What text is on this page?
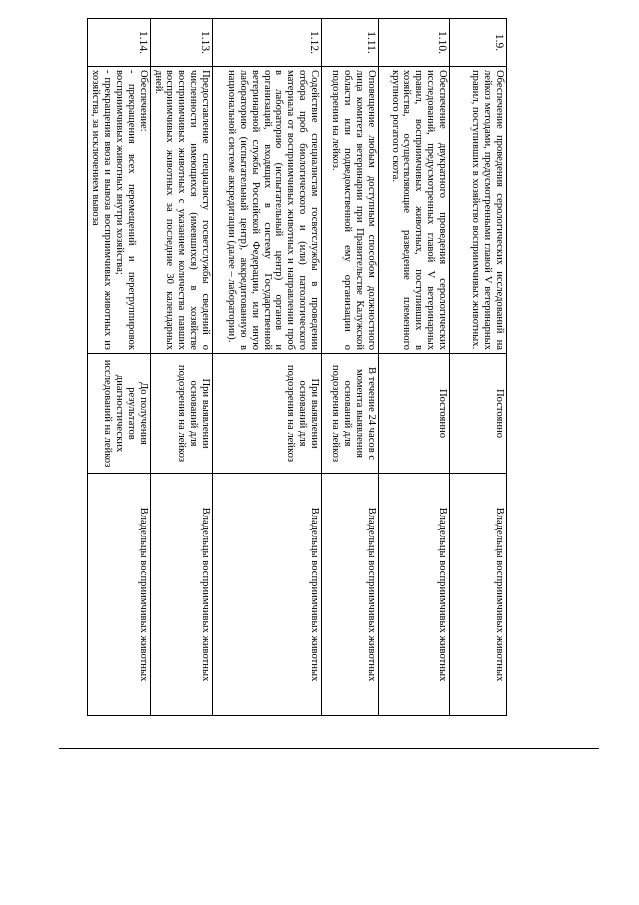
1.9.	Обеспечение проведения серологических исследований на лейкоз методами, предусмотренными главой V ветеринарных правил, поступивших в хозяйство восприимчивых животных.	Постоянно	Владельцы восприимчивых животных
1.10.	Обеспечение двукратного проведения серологических исследований, предусмотренных главой V ветеринарных правил, восприимчивых животных, поступивших в хозяйства, осуществляющие разведение племенного крупного рогатого скота.	Постоянно	Владельцы восприимчивых животных
1.11.	Оповещение любым доступным способом должностного лица комитета ветеринарии при Правительстве Калужской области или подведомственной ему организации о подозрении на лейкоз.	В течение 24 часов с момента выявления оснований для подозрения на лейкоз	Владельцы восприимчивых животных
1.12.	Содействие специалистам госветслужбы в проведении отбора проб биологического и (или) патологического материала от восприимчивых животных и направлении проб в лабораторию (испытательный центр) органов и организаций, входящих в систему Государственной ветеринарной службы Российской Федерации, или иную лабораторию (испытательный центр), аккредитованную в национальной системе аккредитации (далее – лаборатории).	При выявлении оснований для подозрения на лейкоз	Владельцы восприимчивых животных
1.13.	Предоставление специалисту госветслужбы сведений о численности имеющихся (имевшихся) в хозяйстве восприимчивых животных с указанием количества павших восприимчивых животных за последние 30 календарных дней.	При выявлении оснований для подозрения на лейкоз	Владельцы восприимчивых животных
1.14.	Обеспечение:

- прекращения всех перемещений и перегруппировок восприимчивых животных внутри хозяйства;

- прекращения ввоза и вывоза восприимчивых животных из хозяйства, за исключением вывоза	До получения результатов диагностических исследований на лейкоз	Владельцы восприимчивых животных
